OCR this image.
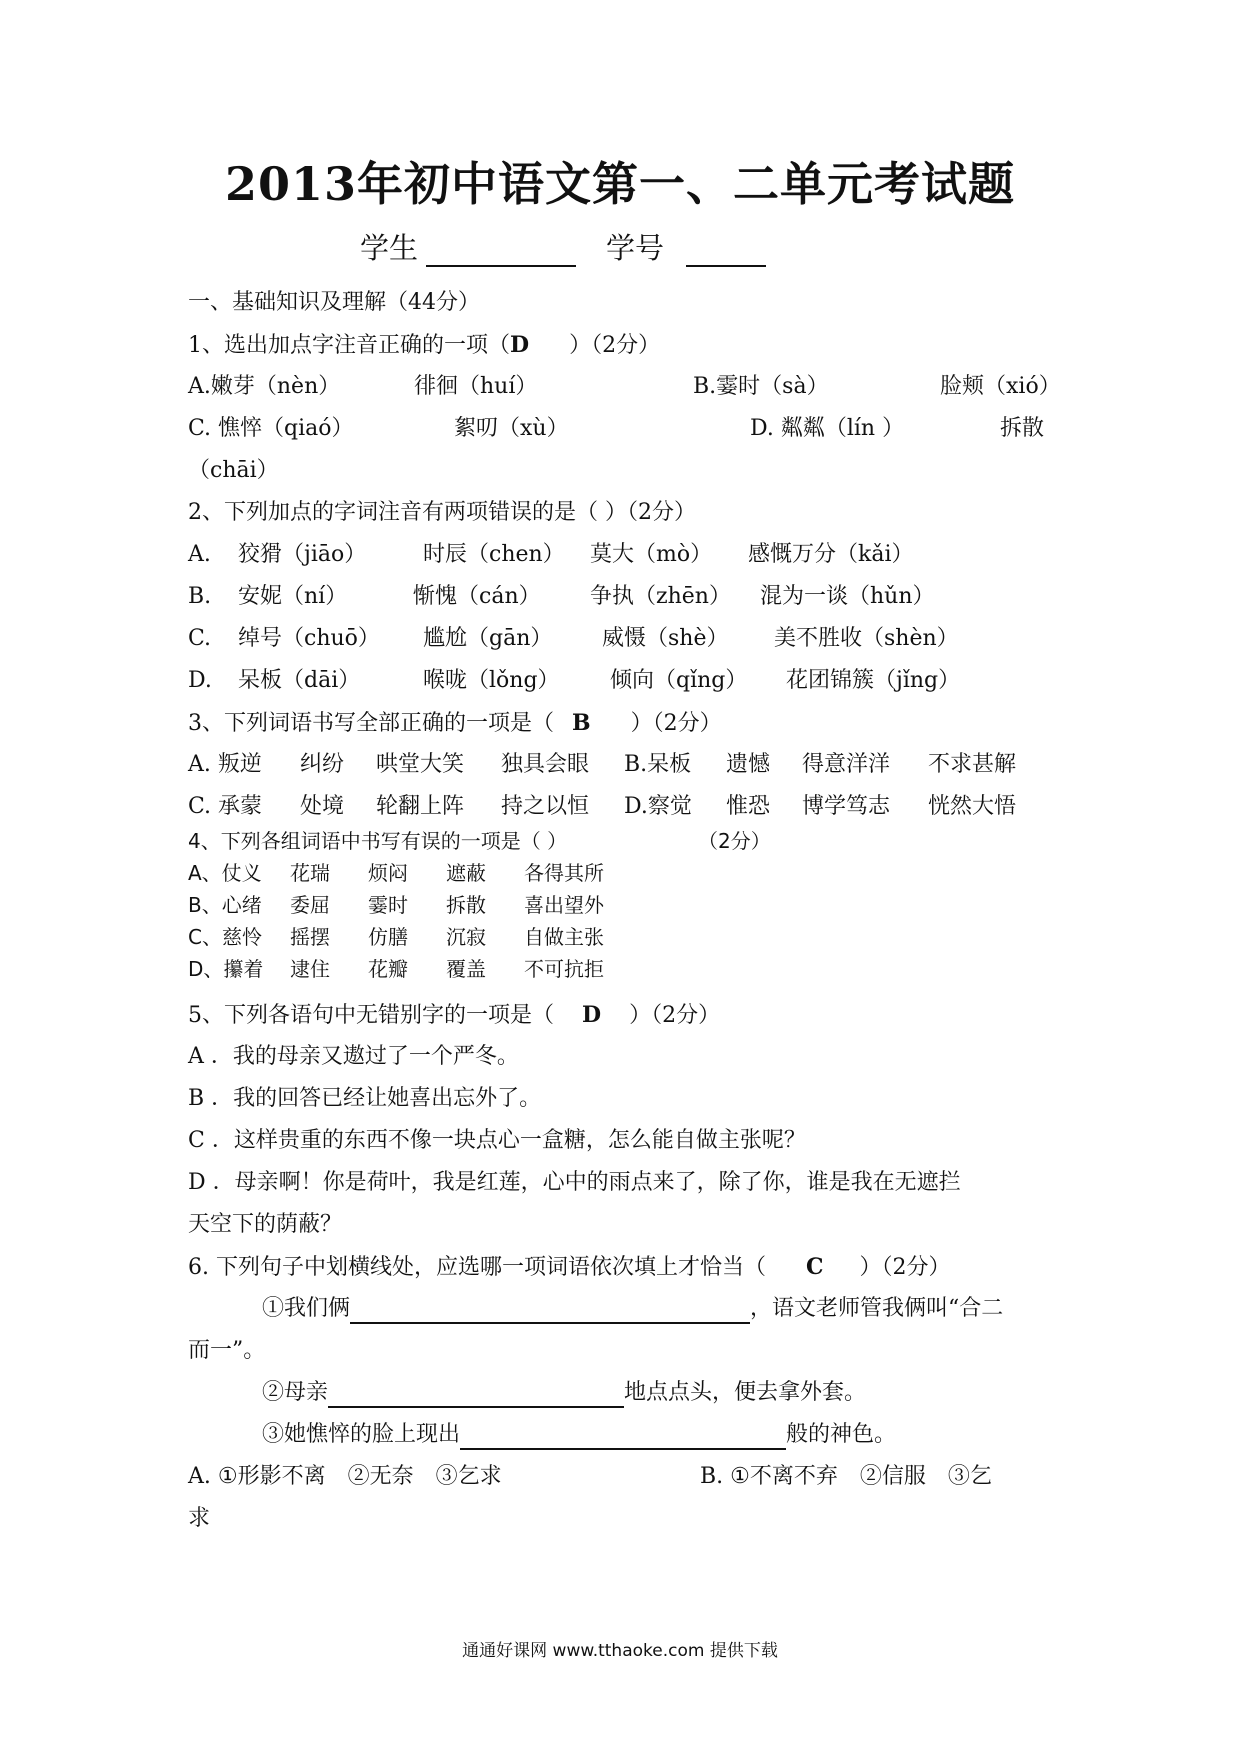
2013年初中语文第一、二单元考试题
学生	学号
一、基础知识及理解（44分）
1、选出加点字注音正确的一项（D ）（2分）
A.嫩芽（nèn）	徘徊（huí）	B.霎时（sà）	脸颊（xió）
C. 憔悴（qiaó）	絮叨（xù）	D. 粼粼（lín ）	拆散
（chāi）
2、下列加点的字词注音有两项错误的是（ ）（2分）
A. 狡猾（jiāo）	时辰（chen） 莫大（mò） 感慨万分（kǎi）
B. 安妮（ní）	惭愧（cán） 争执（zhēn） 混为一谈（hǔn）
C. 绰号（chuō） 尴尬（gān） 威慑（shè） 美不胜收（shèn）
D. 呆板（dāi）	喉咙（lǒng） 倾向（qǐng） 花团锦簇（jǐng）
3、下列词语书写全部正确的一项是（ B ）（2分）
A. 叛逆 纠纷 哄堂大笑 独具会眼 B.呆板 遗憾 得意洋洋 不求甚解
C. 承蒙 处境 轮翻上阵 持之以恒 D.察觉 惟恐 博学笃志 恍然大悟
4、下列各组词语中书写有误的一项是（ ）	（2分）
A、仗义 花瑞 烦闷 遮蔽 各得其所
B、心绪 委屈 霎时 拆散 喜出望外
C、慈怜 摇摆 仿膳 沉寂 自做主张
D、攥着 逮住 花瓣 覆盖 不可抗拒
5、下列各语句中无错别字的一项是（ D ）（2分）
A ．我的母亲又遨过了一个严冬。
B ．我的回答已经让她喜出忘外了。
C ．这样贵重的东西不像一块点心一盒糖，怎么能自做主张呢？
D ．母亲啊！你是荷叶，我是红莲，心中的雨点来了，除了你，谁是我在无遮拦
天空下的荫蔽？
6. 下列句子中划横线处，应选哪一项词语依次填上才恰当（ C ）（2分）
①我们俩	，语文老师管我俩叫“合二
而一”。
②母亲	地点点头，便去拿外套。
③她憔悴的脸上现出	般的神色。
A. ①形影不离　②无奈　③乞求	B. ①不离不弃　②信服　③乞
求
通通好课网 www.tthaoke.com 提供下载
